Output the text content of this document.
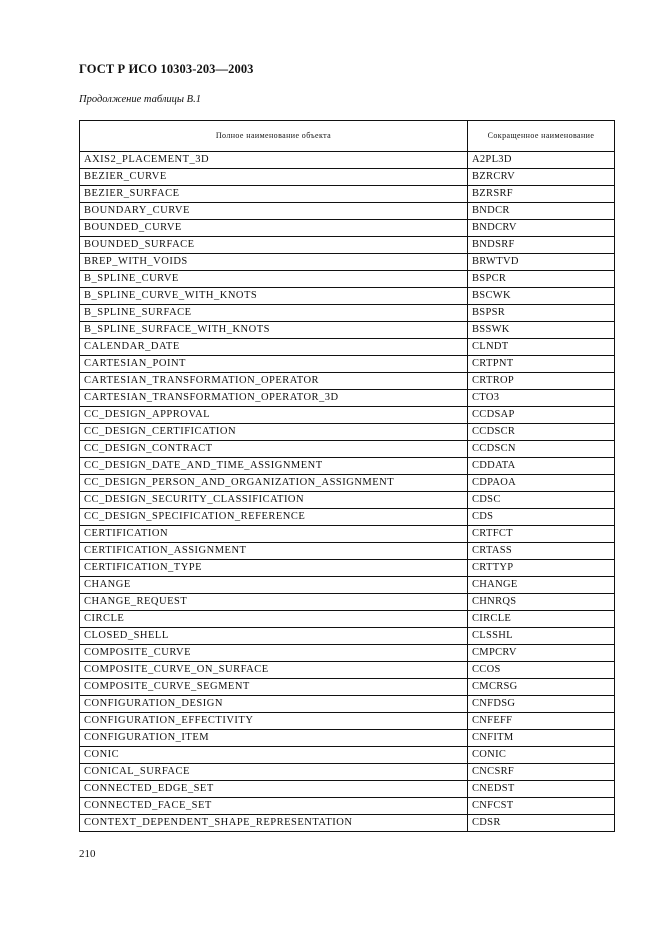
ГОСТ Р ИСО 10303-203—2003
Продолжение таблицы В.1
Полное наименование объекта	Сокращенное наименование
AXIS2_PLACEMENT_3D	A2PL3D
BEZIER_CURVE	BZRCRV
BEZIER_SURFACE	BZRSRF
BOUNDARY_CURVE	BNDCR
BOUNDED_CURVE	BNDCRV
BOUNDED_SURFACE	BNDSRF
BREP_WITH_VOIDS	BRWTVD
B_SPLINE_CURVE	BSPCR
B_SPLINE_CURVE_WITH_KNOTS	BSCWK
B_SPLINE_SURFACE	BSPSR
B_SPLINE_SURFACE_WITH_KNOTS	BSSWK
CALENDAR_DATE	CLNDT
CARTESIAN_POINT	CRTPNT
CARTESIAN_TRANSFORMATION_OPERATOR	CRTROP
CARTESIAN_TRANSFORMATION_OPERATOR_3D	CTO3
CC_DESIGN_APPROVAL	CCDSAP
CC_DESIGN_CERTIFICATION	CCDSCR
CC_DESIGN_CONTRACT	CCDSCN
CC_DESIGN_DATE_AND_TIME_ASSIGNMENT	CDDATA
CC_DESIGN_PERSON_AND_ORGANIZATION_ASSIGNMENT	CDPAOA
CC_DESIGN_SECURITY_CLASSIFICATION	CDSC
CC_DESIGN_SPECIFICATION_REFERENCE	CDS
CERTIFICATION	CRTFCT
CERTIFICATION_ASSIGNMENT	CRTASS
CERTIFICATION_TYPE	CRTTYP
CHANGE	CHANGE
CHANGE_REQUEST	CHNRQS
CIRCLE	CIRCLE
CLOSED_SHELL	CLSSHL
COMPOSITE_CURVE	CMPCRV
COMPOSITE_CURVE_ON_SURFACE	CCOS
COMPOSITE_CURVE_SEGMENT	CMCRSG
CONFIGURATION_DESIGN	CNFDSG
CONFIGURATION_EFFECTIVITY	CNFEFF
CONFIGURATION_ITEM	CNFITM
CONIC	CONIC
CONICAL_SURFACE	CNCSRF
CONNECTED_EDGE_SET	CNEDST
CONNECTED_FACE_SET	CNFCST
CONTEXT_DEPENDENT_SHAPE_REPRESENTATION	CDSR
210
